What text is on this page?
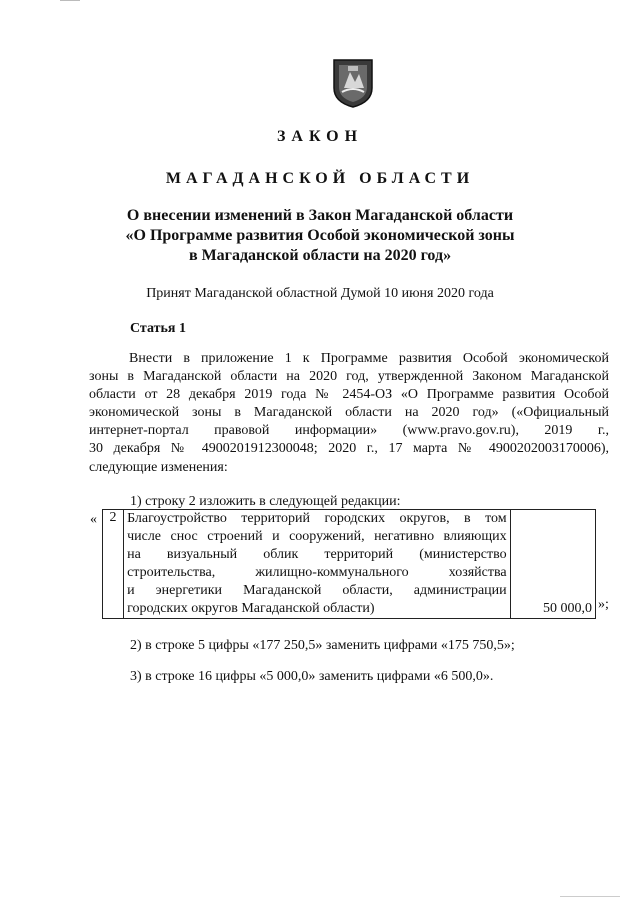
ЗАКОН
МАГАДАНСКОЙ ОБЛАСТИ
О внесении изменений в Закон Магаданской области
«О Программе развития Особой экономической зоны
в Магаданской области на 2020 год»
Принят Магаданской областной Думой 10 июня 2020 года
Статья 1
Внести в приложение 1 к Программе развития Особой экономической
зоны в Магаданской области на 2020 год, утвержденной Законом Магаданской
области от 28 декабря 2019 года № 2454-ОЗ «О Программе развития Особой
экономической зоны в Магаданской области на 2020 год» («Официальный
интернет-портал правовой информации» (www.pravo.gov.ru), 2019 г.,
30 декабря № 4900201912300048; 2020 г., 17 марта № 4900202003170006),
следующие изменения:
1) строку 2 изложить в следующей редакции:
« 2	Благоустройство территорий городских округов, в том
числе снос строений и сооружений, негативно влияющих
на визуальный облик территорий (министерство
строительства, жилищно-коммунального хозяйства
и энергетики Магаданской области, администрации
городских округов Магаданской области)	50 000,0 »;
2) в строке 5 цифры «177 250,5» заменить цифрами «175 750,5»;
3) в строке 16 цифры «5 000,0» заменить цифрами «6 500,0».
